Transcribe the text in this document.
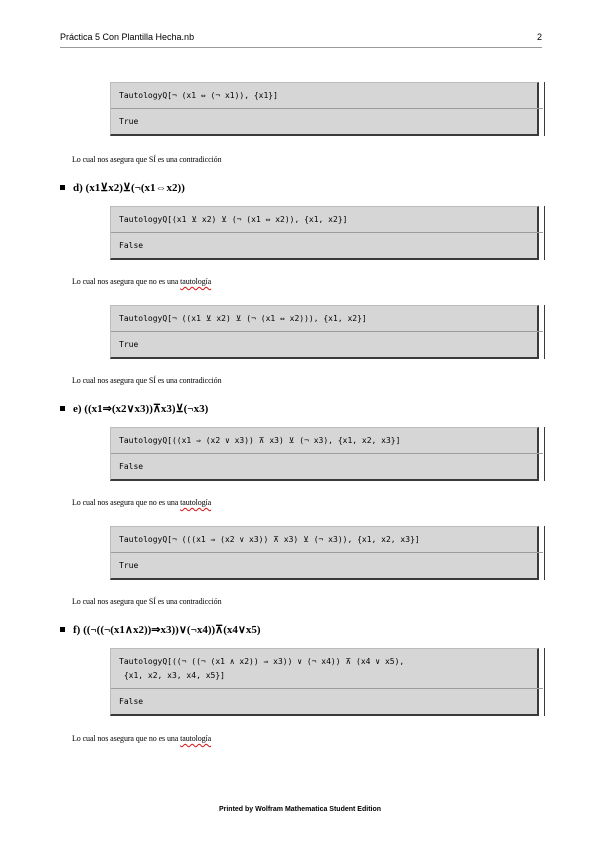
Práctica 5 Con Plantilla Hecha.nb	2
TautologyQ[¬ (x1 ⇔ (¬ x1)), {x1}]
True
Lo cual nos asegura que SÍ es una contradicción
d) (x1⊻x2)⊻(¬(x1⇔x2))
TautologyQ[(x1 ⊻ x2) ⊻ (¬ (x1 ⇔ x2)), {x1, x2}]
False
Lo cual nos asegura que no es una tautología
TautologyQ[¬ ((x1 ⊻ x2) ⊻ (¬ (x1 ⇔ x2))), {x1, x2}]
True
Lo cual nos asegura que SÍ es una contradicción
e) ((x1⇒(x2∨x3))⊼x3)⊻(¬x3)
TautologyQ[((x1 ⇒ (x2 ∨ x3)) ⊼ x3) ⊻ (¬ x3), {x1, x2, x3}]
False
Lo cual nos asegura que no es una tautología
TautologyQ[¬ (((x1 ⇒ (x2 ∨ x3)) ⊼ x3) ⊻ (¬ x3)), {x1, x2, x3}]
True
Lo cual nos asegura que SÍ es una contradicción
f) ((¬((¬(x1∧x2))⇒x3))∨(¬x4))⊼(x4∨x5)
TautologyQ[((¬ ((¬ (x1 ∧ x2)) ⇒ x3)) ∨ (¬ x4)) ⊼ (x4 ∨ x5),
{x1, x2, x3, x4, x5}]
False
Lo cual nos asegura que no es una tautología
Printed by Wolfram Mathematica Student Edition
